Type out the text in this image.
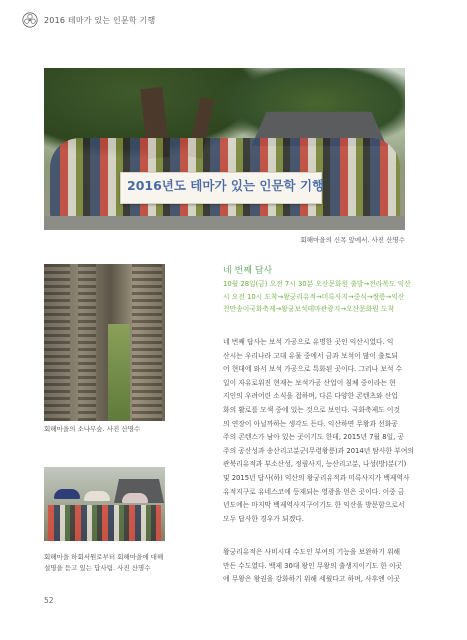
2016 테마가 있는 인문학 기행
2016년도 테마가 있는 인문학 기행
회해마을의 신목 앞에서. 사진 산명수
회해마을의 소나무숲. 사진 산명수
회해마을 하회서원로부터 회해마을에 대해
설명을 듣고 있는 답사팀. 사진 산명수
네 번째 답사
10월 28일(금) 오전 7시 30분 오산문화원 출발→전라북도 익산
시 오전 10시 도착→왕궁리유적→미륵사지→중식→쌍릉→익산
천만송이국화축제→왕궁보석테마관광지→오산문화원 도착
네 번째 답사는 보석 가공으로 유명한 곳인 익산시였다. 익
산시는 우리나라 고대 유물 중에서 금과 보석이 많이 출토되
어 현대에 와서 보석 가공으로 특화된 곳이다. 그러나 보석 수
입이 자유로워진 현재는 보석가공 산업이 침체 중이라는 현
지인의 우려어린 소식을 접하며, 다른 다양한 콘텐츠와 산업
화의 활로를 모색 중에 있는 것으로 보인다. 국화축제도 이것
의 연장이 아닐까하는 생각도 든다. 익산하면 무왕과 선화공
주의 콘텐스가 남아 있는 곳이기도 한데, 2015년 7월 8일, 공
주의 공산성과 송산리고분군(무령왕릉)과 2014년 탐사한 부여의
관북리유적과 부소산성, 정림사지, 능산리고분, 나성(방)분(기)
및 2015년 답사(하) 익산의 왕궁리유적과 미륵사지가 백제역사
유적지구로 유네스코에 등재되는 영광을 얻은 곳이다. 이중 금
년도에는 마지막 백제역사지구이기도 한 익산을 방문함으로서
모두 답사한 경우가 되겠다.
왕궁리유적은 사비시대 수도인 부여의 기능을 보완하기 위해
만든 수도였다. 백제 30대 왕인 무왕의 출생지이기도 한 이곳
에 무왕은 왕권을 강화하기 위해 세웠다고 하며, 사후엔 이곳
52
